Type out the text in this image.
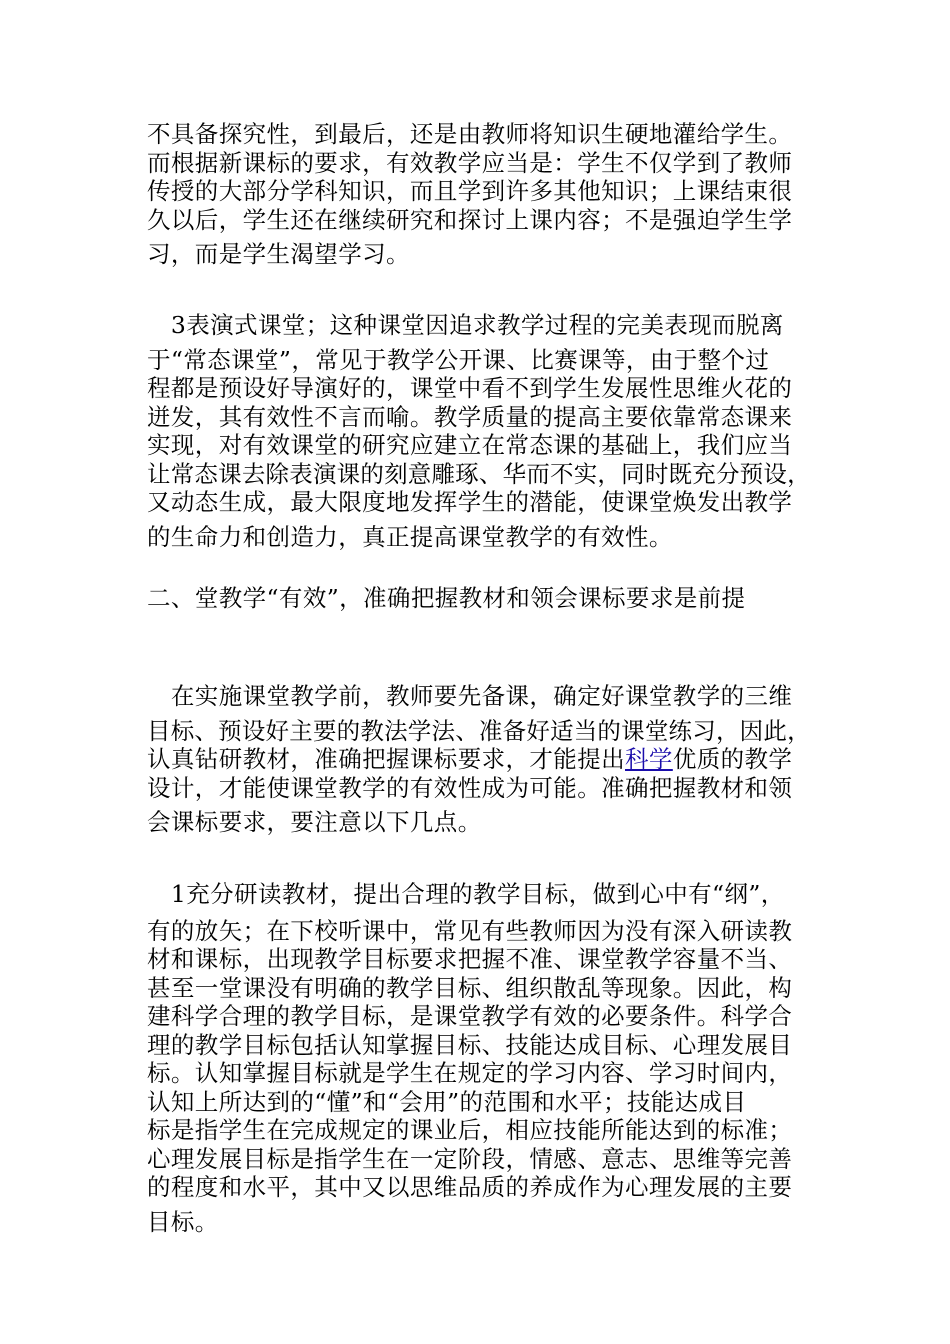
不具备探究性，到最后，还是由教师将知识生硬地灌给学生。
而根据新课标的要求，有效教学应当是：学生不仅学到了教师
传授的大部分学科知识，而且学到许多其他知识；上课结束很
久以后，学生还在继续研究和探讨上课内容；不是强迫学生学
习，而是学生渴望学习。
　3表演式课堂；这种课堂因追求教学过程的完美表现而脱离
于“常态课堂”，常见于教学公开课、比赛课等，由于整个过
程都是预设好导演好的，课堂中看不到学生发展性思维火花的
迸发，其有效性不言而喻。教学质量的提高主要依靠常态课来
实现，对有效课堂的研究应建立在常态课的基础上，我们应当
让常态课去除表演课的刻意雕琢、华而不实，同时既充分预设，
又动态生成，最大限度地发挥学生的潜能，使课堂焕发出教学
的生命力和创造力，真正提高课堂教学的有效性。
二、堂教学“有效”，准确把握教材和领会课标要求是前提
　在实施课堂教学前，教师要先备课，确定好课堂教学的三维
目标、预设好主要的教法学法、准备好适当的课堂练习，因此，
认真钻研教材，准确把握课标要求，才能提出科学优质的教学
设计，才能使课堂教学的有效性成为可能。准确把握教材和领
会课标要求，要注意以下几点。
　1充分研读教材，提出合理的教学目标，做到心中有“纲”，
有的放矢；在下校听课中，常见有些教师因为没有深入研读教
材和课标，出现教学目标要求把握不准、课堂教学容量不当、
甚至一堂课没有明确的教学目标、组织散乱等现象。因此，构
建科学合理的教学目标，是课堂教学有效的必要条件。科学合
理的教学目标包括认知掌握目标、技能达成目标、心理发展目
标。认知掌握目标就是学生在规定的学习内容、学习时间内，
认知上所达到的“懂”和“会用”的范围和水平；技能达成目
标是指学生在完成规定的课业后，相应技能所能达到的标准；
心理发展目标是指学生在一定阶段，情感、意志、思维等完善
的程度和水平，其中又以思维品质的养成作为心理发展的主要
目标。
